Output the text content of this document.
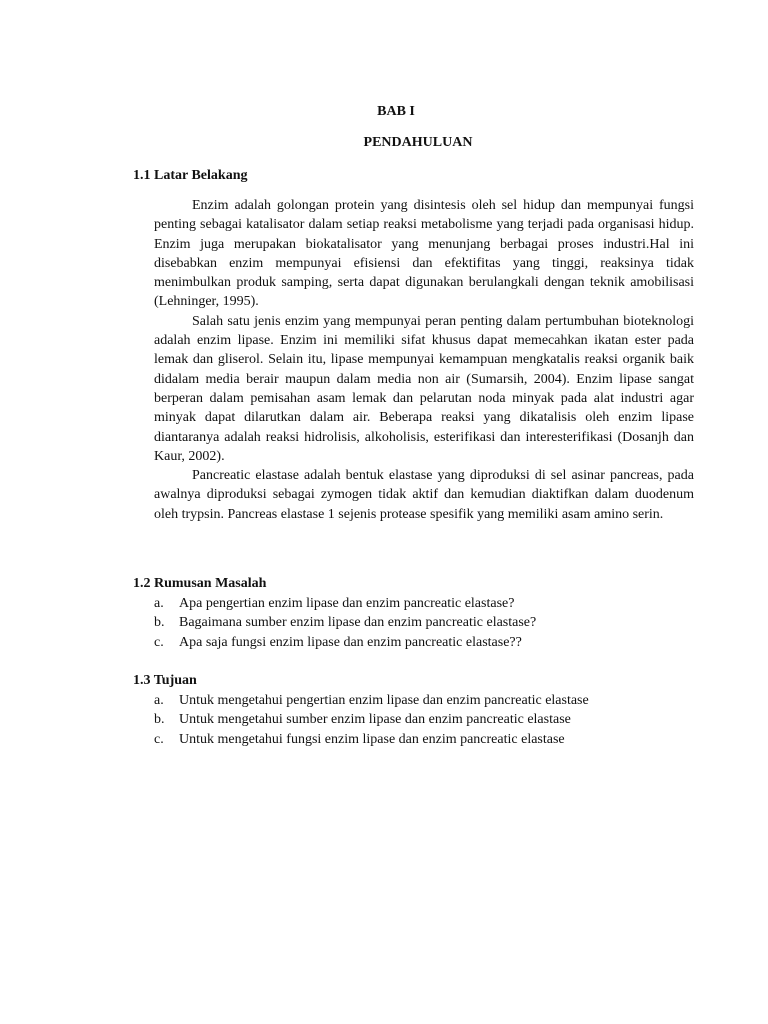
BAB I
PENDAHULUAN
1.1 Latar Belakang

Enzim adalah golongan protein yang disintesis oleh sel hidup dan mempunyai fungsi penting sebagai katalisator dalam setiap reaksi metabolisme yang terjadi pada organisasi hidup. Enzim juga merupakan biokatalisator yang menunjang berbagai proses industri.Hal ini disebabkan enzim mempunyai efisiensi dan efektifitas yang tinggi, reaksinya tidak menimbulkan produk samping, serta dapat digunakan berulangkali dengan teknik amobilisasi (Lehninger, 1995).

Salah satu jenis enzim yang mempunyai peran penting dalam pertumbuhan bioteknologi adalah enzim lipase. Enzim ini memiliki sifat khusus dapat memecahkan ikatan ester pada lemak dan gliserol. Selain itu, lipase mempunyai kemampuan mengkatalis reaksi organik baik didalam media berair maupun dalam media non air (Sumarsih, 2004). Enzim lipase sangat berperan dalam pemisahan asam lemak dan pelarutan noda minyak pada alat industri agar minyak dapat dilarutkan dalam air. Beberapa reaksi yang dikatalisis oleh enzim lipase diantaranya adalah reaksi hidrolisis, alkoholisis, esterifikasi dan interesterifikasi (Dosanjh dan Kaur, 2002).

Pancreatic elastase adalah bentuk elastase yang diproduksi di sel asinar pancreas, pada awalnya diproduksi sebagai zymogen tidak aktif dan kemudian diaktifkan dalam duodenum oleh trypsin. Pancreas elastase 1 sejenis protease spesifik yang memiliki asam amino serin.

1.2 Rumusan Masalah
a.	Apa pengertian enzim lipase dan enzim pancreatic elastase?
b.	Bagaimana sumber enzim lipase dan enzim pancreatic elastase?
c.	Apa saja fungsi enzim lipase dan enzim pancreatic elastase??
1.3 Tujuan
a.	Untuk mengetahui pengertian enzim lipase dan enzim pancreatic elastase
b.	Untuk mengetahui sumber enzim lipase dan enzim pancreatic elastase
c.	Untuk mengetahui fungsi enzim lipase dan enzim pancreatic elastase
